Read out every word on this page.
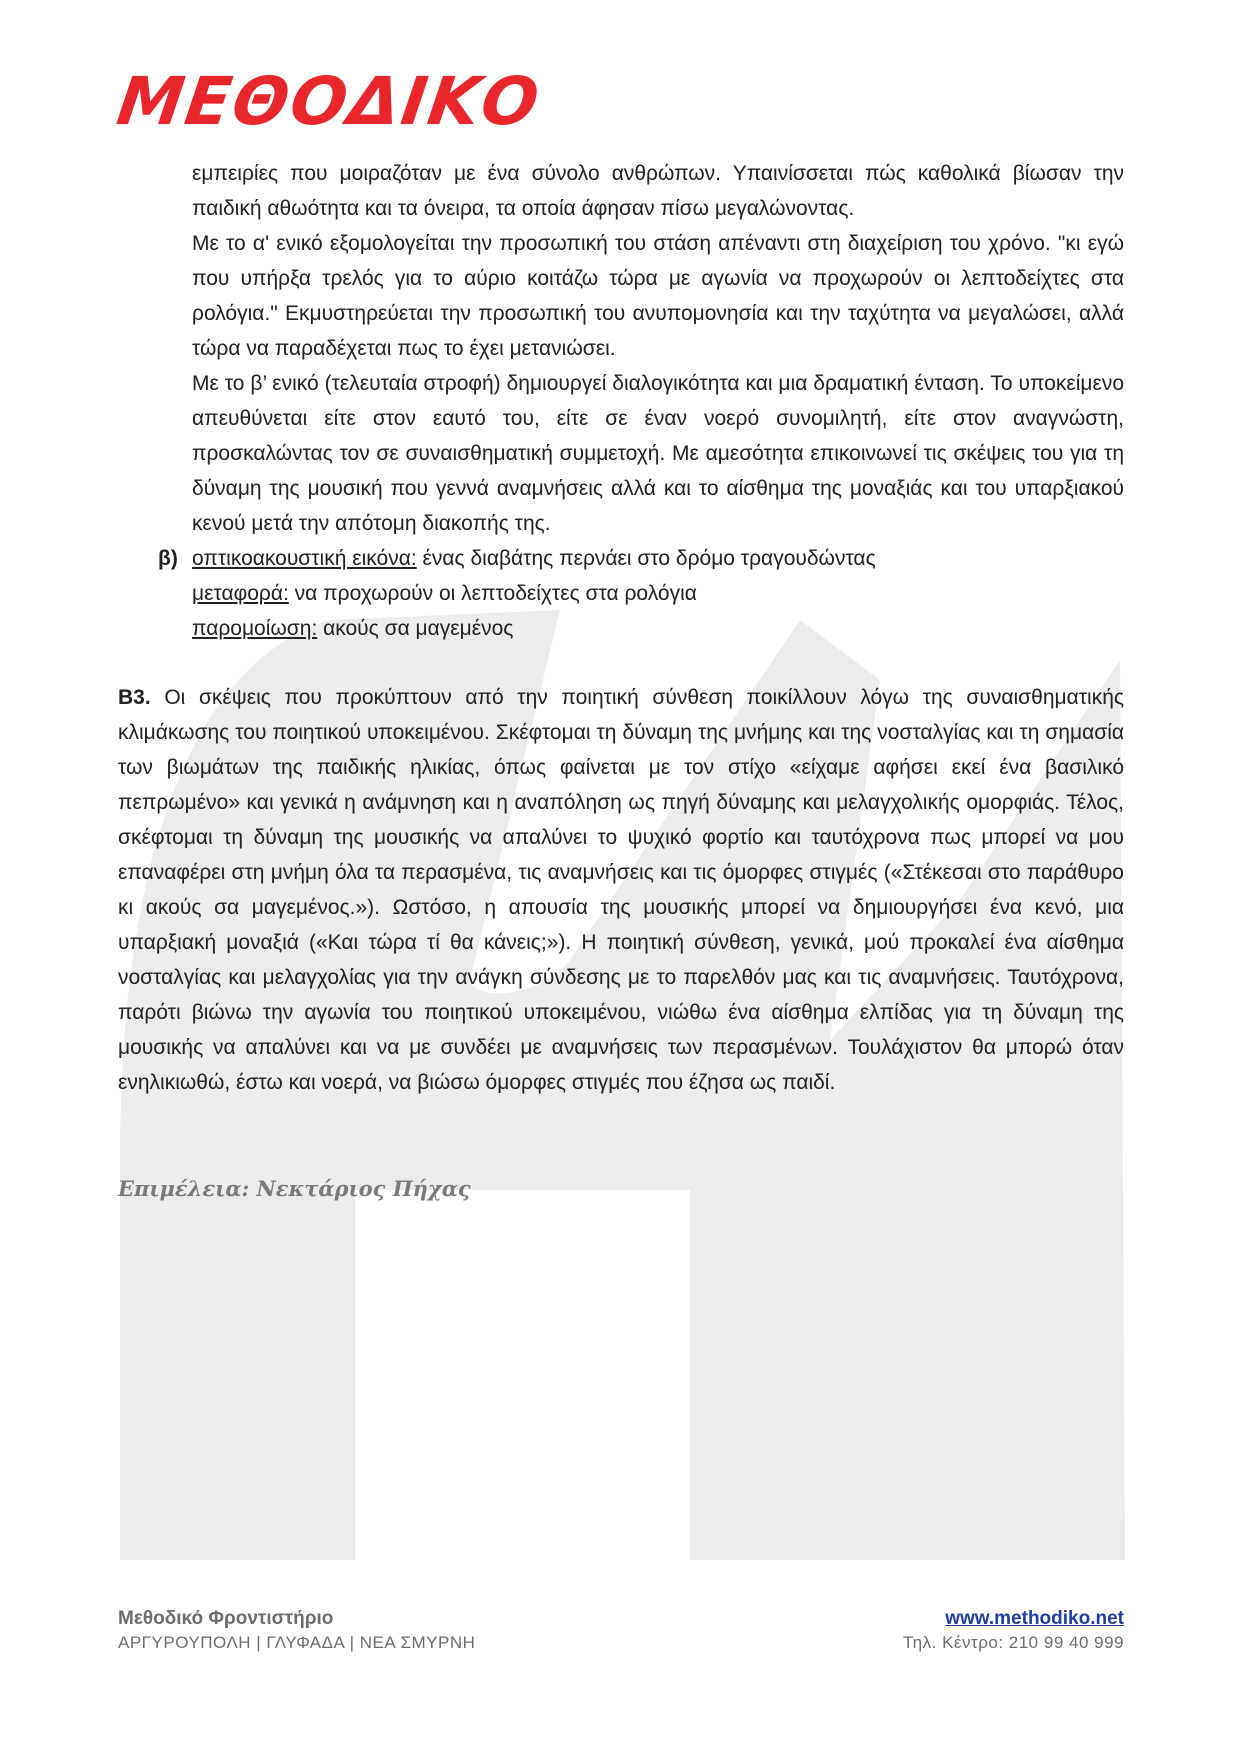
ΜΕΘΟΔΙΚΟ
εμπειρίες που μοιραζόταν με ένα σύνολο ανθρώπων. Υπαινίσσεται πώς καθολικά βίωσαν την παιδική αθωότητα και τα όνειρα, τα οποία άφησαν πίσω μεγαλώνοντας.
Με το α' ενικό εξομολογείται την προσωπική του στάση απέναντι στη διαχείριση του χρόνο. "κι εγώ που υπήρξα τρελός για το αύριο κοιτάζω τώρα με αγωνία να προχωρούν οι λεπτοδείχτες στα ρολόγια." Εκμυστηρεύεται την προσωπική του ανυπομονησία και την ταχύτητα να μεγαλώσει, αλλά τώρα να παραδέχεται πως το έχει μετανιώσει.
Με το β’ ενικό (τελευταία στροφή) δημιουργεί διαλογικότητα και μια δραματική ένταση. Το υποκείμενο απευθύνεται είτε στον εαυτό του, είτε σε έναν νοερό συνομιλητή, είτε στον αναγνώστη, προσκαλώντας τον σε συναισθηματική συμμετοχή. Με αμεσότητα επικοινωνεί τις σκέψεις του για τη δύναμη της μουσική που γεννά αναμνήσεις αλλά και το αίσθημα της μοναξιάς και του υπαρξιακού κενού μετά την απότομη διακοπής της.
β) οπτικοακουστική εικόνα: ένας διαβάτης περνάει στο δρόμο τραγουδώντας
μεταφορά: να προχωρούν οι λεπτοδείχτες στα ρολόγια
παρομοίωση: ακούς σα μαγεμένος
Β3. Οι σκέψεις που προκύπτουν από την ποιητική σύνθεση ποικίλλουν λόγω της συναισθηματικής κλιμάκωσης του ποιητικού υποκειμένου. Σκέφτομαι τη δύναμη της μνήμης και της νοσταλγίας και τη σημασία των βιωμάτων της παιδικής ηλικίας, όπως φαίνεται με τον στίχο «είχαμε αφήσει εκεί ένα βασιλικό πεπρωμένο» και γενικά η ανάμνηση και η αναπόληση ως πηγή δύναμης και μελαγχολικής ομορφιάς. Τέλος, σκέφτομαι τη δύναμη της μουσικής να απαλύνει το ψυχικό φορτίο και ταυτόχρονα πως μπορεί να μου επαναφέρει στη μνήμη όλα τα περασμένα, τις αναμνήσεις και τις όμορφες στιγμές («Στέκεσαι στο παράθυρο κι ακούς σα μαγεμένος.»). Ωστόσο, η απουσία της μουσικής μπορεί να δημιουργήσει ένα κενό, μια υπαρξιακή μοναξιά («Και τώρα τί θα κάνεις;»). Η ποιητική σύνθεση, γενικά, μού προκαλεί ένα αίσθημα νοσταλγίας και μελαγχολίας για την ανάγκη σύνδεσης με το παρελθόν μας και τις αναμνήσεις. Ταυτόχρονα, παρότι βιώνω την αγωνία του ποιητικού υποκειμένου, νιώθω ένα αίσθημα ελπίδας για τη δύναμη της μουσικής να απαλύνει και να με συνδέει με αναμνήσεις των περασμένων. Τουλάχιστον θα μπορώ όταν ενηλικιωθώ, έστω και νοερά, να βιώσω όμορφες στιγμές που έζησα ως παιδί.
Επιμέλεια: Νεκτάριος Πήχας
Μεθοδικό Φροντιστήριο
ΑΡΓΥΡΟΥΠΟΛΗ | ΓΛΥΦΑΔΑ | ΝΕΑ ΣΜΥΡΝΗ
www.methodiko.net
Τηλ. Κέντρο: 210 99 40 999
